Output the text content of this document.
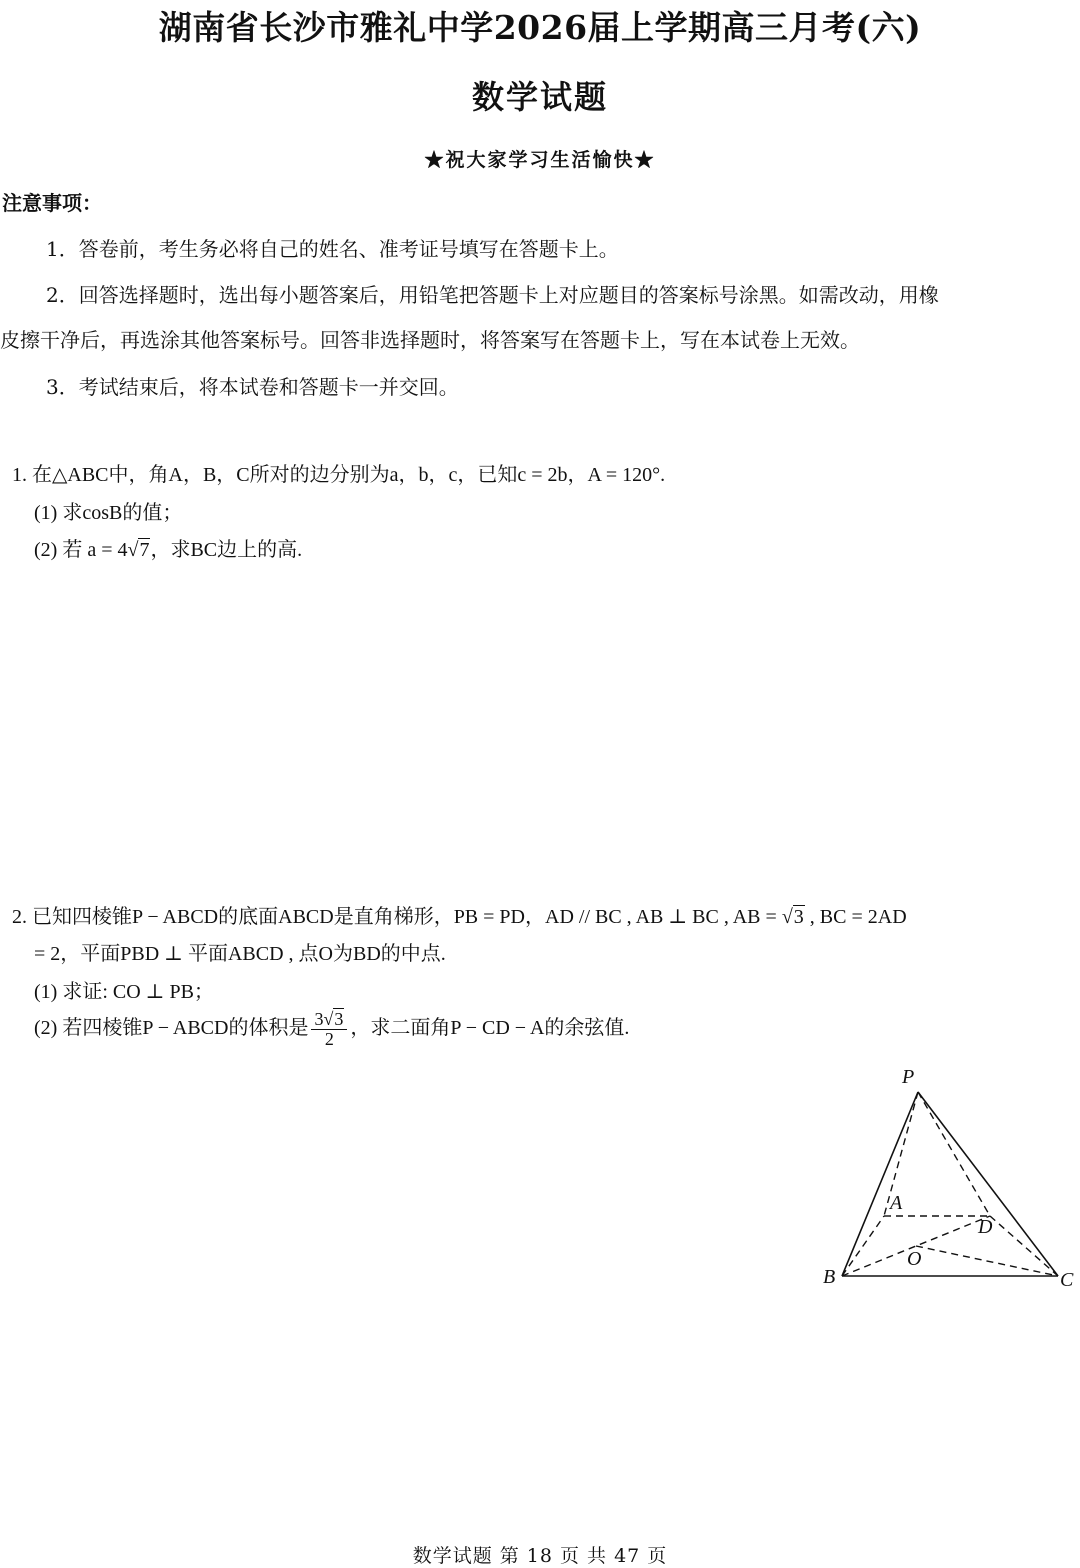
湖南省长沙市雅礼中学2026届上学期高三月考(六)
数学试题
★祝大家学习生活愉快★
注意事项：
1．答卷前，考生务必将自己的姓名、准考证号填写在答题卡上。
2．回答选择题时，选出每小题答案后，用铅笔把答题卡上对应题目的答案标号涂黑。如需改动，用橡
皮擦干净后，再选涂其他答案标号。回答非选择题时，将答案写在答题卡上，写在本试卷上无效。
3．考试结束后，将本试卷和答题卡一并交回。
1. 在△ABC中，角A，B，C所对的边分别为a，b，c，已知c = 2b，A = 120°.
(1) 求cosB的值；
(2) 若 a = 4√7，求BC边上的高.
2. 已知四棱锥P − ABCD的底面ABCD是直角梯形，PB = PD，AD // BC , AB ⊥ BC , AB = √3 , BC = 2AD
= 2，平面PBD ⊥ 平面ABCD , 点O为BD的中点.
(1) 求证: CO ⊥ PB；
(2) 若四棱锥P − ABCD的体积是 $\frac{3√3}{2}$ ，求二面角P − CD − A的余弦值.
P
A
D
O
B	C
数学试题 第 18 页 共 47 页
